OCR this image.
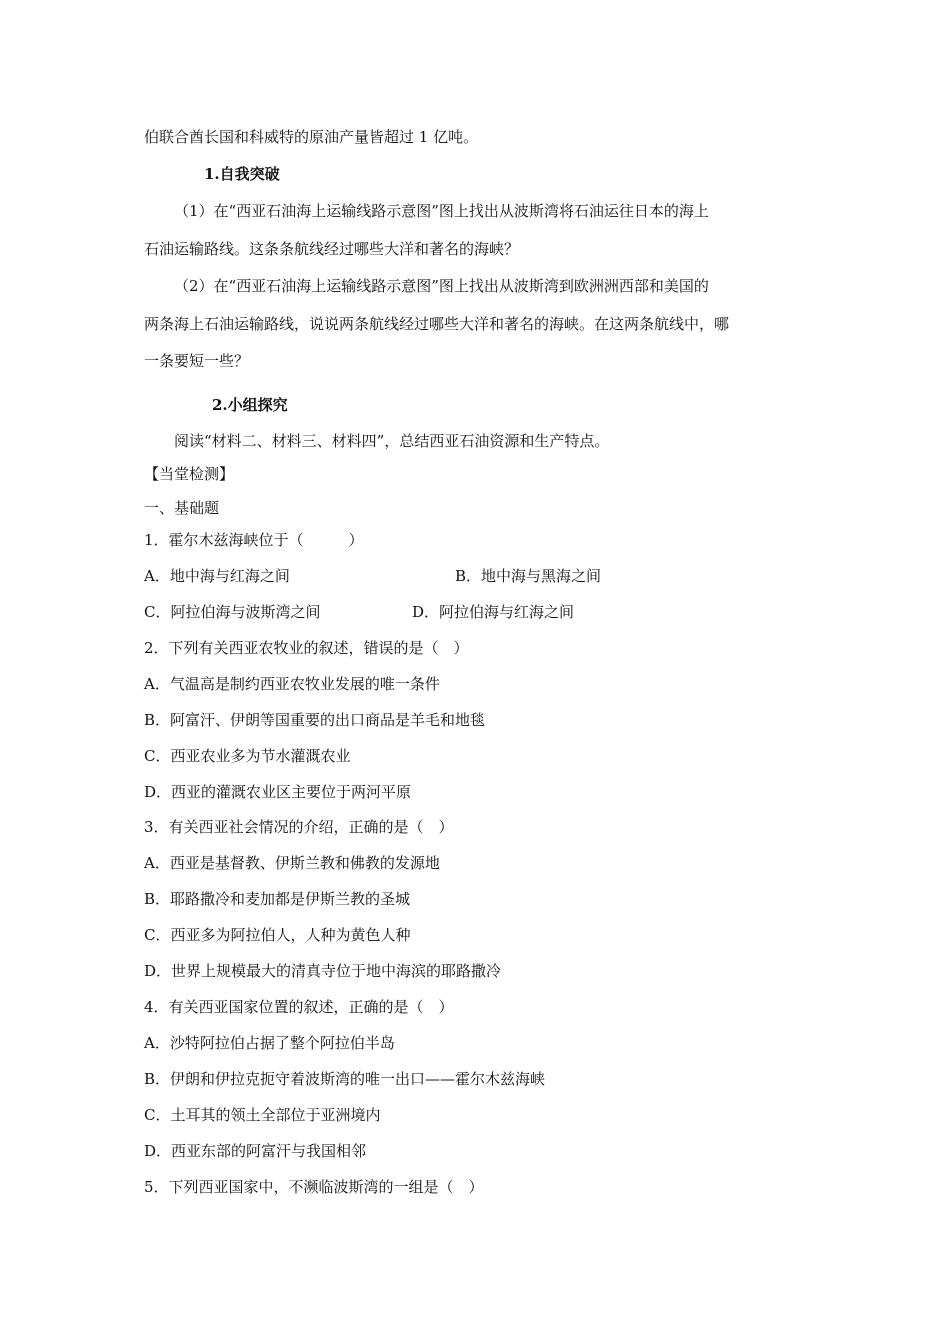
伯联合酋长国和科威特的原油产量皆超过 1 亿吨。
1.自我突破
（1）在“西亚石油海上运输线路示意图”图上找出从波斯湾将石油运往日本的海上
石油运输路线。这条条航线经过哪些大洋和著名的海峡？
（2）在“西亚石油海上运输线路示意图”图上找出从波斯湾到欧洲洲西部和美国的
两条海上石油运输路线，说说两条航线经过哪些大洋和著名的海峡。在这两条航线中，哪
一条要短一些？
2.小组探究
阅读“材料二、材料三、材料四”，总结西亚石油资源和生产特点。
【当堂检测】
一、基础题
1．霍尔木兹海峡位于（　　　）
A．地中海与红海之间	B．地中海与黑海之间
C．阿拉伯海与波斯湾之间	D．阿拉伯海与红海之间
2．下列有关西亚农牧业的叙述，错误的是（　）
A．气温高是制约西亚农牧业发展的唯一条件
B．阿富汗、伊朗等国重要的出口商品是羊毛和地毯
C．西亚农业多为节水灌溉农业
D．西亚的灌溉农业区主要位于两河平原
3．有关西亚社会情况的介绍，正确的是（　）
A．西亚是基督教、伊斯兰教和佛教的发源地
B．耶路撒冷和麦加都是伊斯兰教的圣城
C．西亚多为阿拉伯人，人种为黄色人种
D．世界上规模最大的清真寺位于地中海滨的耶路撒冷
4．有关西亚国家位置的叙述，正确的是（　）
A．沙特阿拉伯占据了整个阿拉伯半岛
B．伊朗和伊拉克扼守着波斯湾的唯一出口——霍尔木兹海峡
C．土耳其的领土全部位于亚洲境内
D．西亚东部的阿富汗与我国相邻
5．下列西亚国家中，不濒临波斯湾的一组是（　）
